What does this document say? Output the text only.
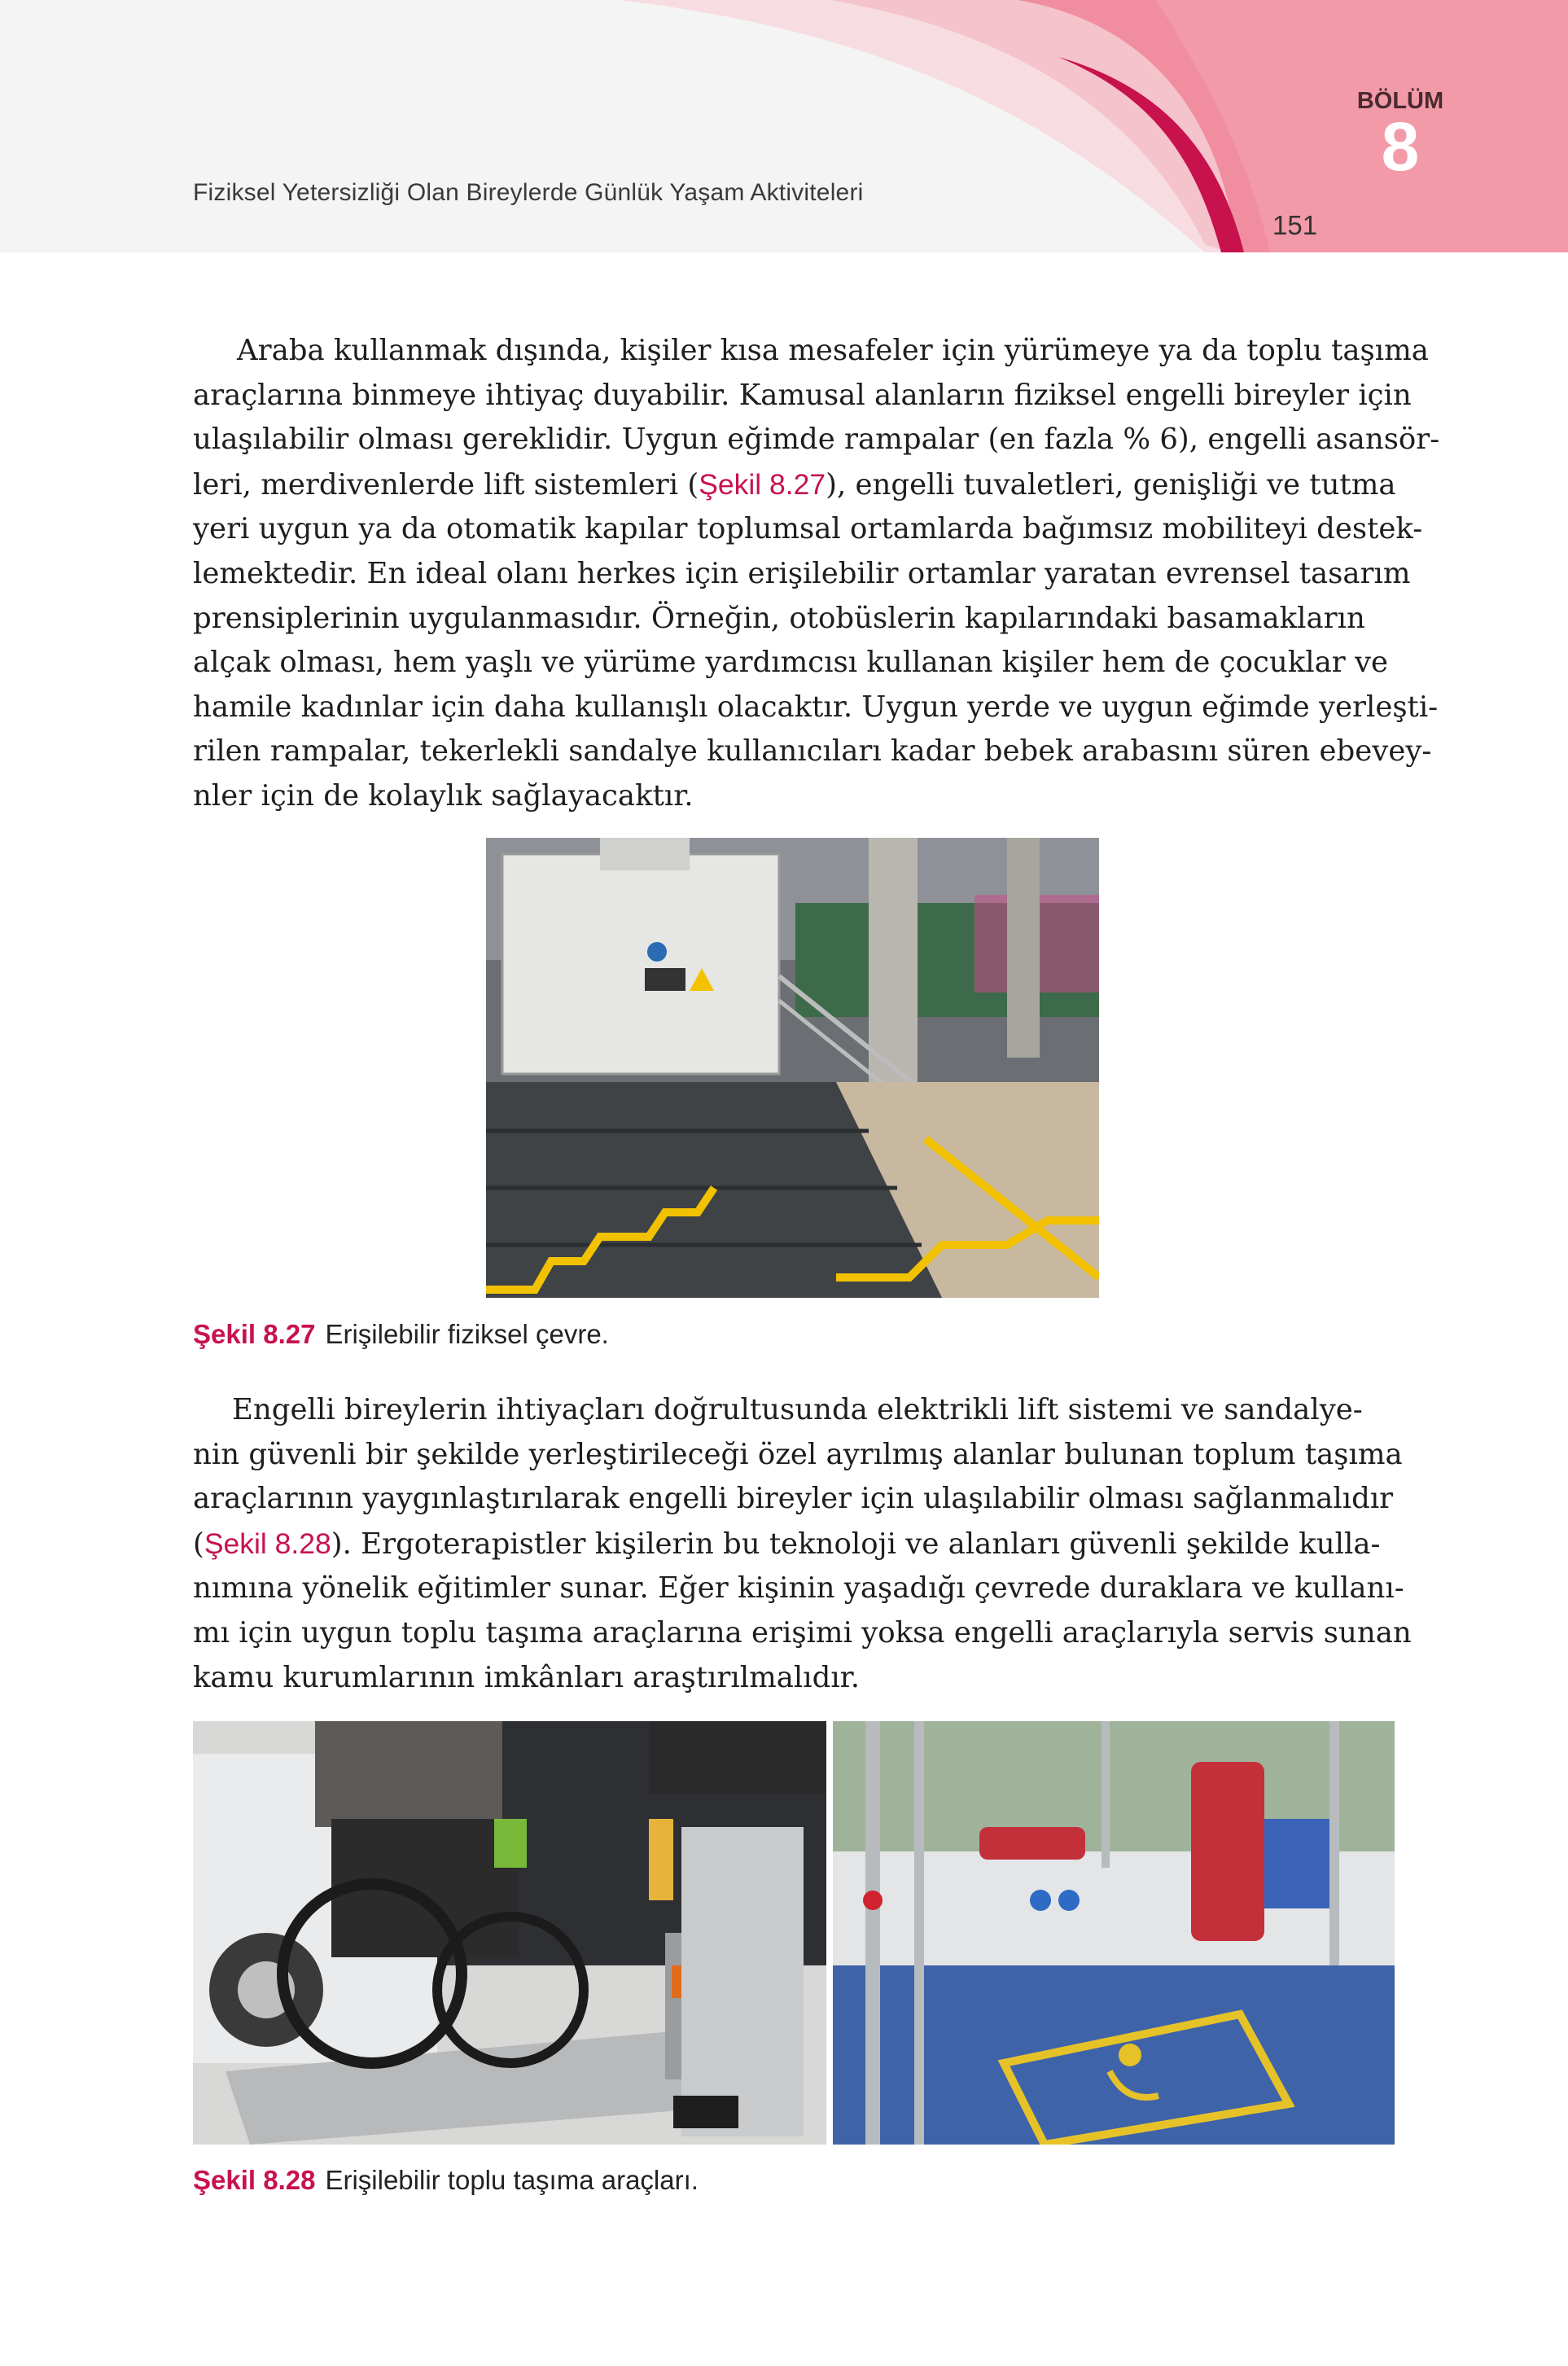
Fiziksel Yetersizliği Olan Bireylerde Günlük Yaşam Aktiviteleri
151
BÖLÜM
8
Araba kullanmak dışında, kişiler kısa mesafeler için yürümeye ya da toplu taşıma
araçlarına binmeye ihtiyaç duyabilir. Kamusal alanların fiziksel engelli bireyler için
ulaşılabilir olması gereklidir. Uygun eğimde rampalar (en fazla % 6), engelli asansör-
leri, merdivenlerde lift sistemleri (Şekil 8.27), engelli tuvaletleri, genişliği ve tutma
yeri uygun ya da otomatik kapılar toplumsal ortamlarda bağımsız mobiliteyi destek-
lemektedir. En ideal olanı herkes için erişilebilir ortamlar yaratan evrensel tasarım
prensiplerinin uygulanmasıdır. Örneğin, otobüslerin kapılarındaki basamakların
alçak olması, hem yaşlı ve yürüme yardımcısı kullanan kişiler hem de çocuklar ve
hamile kadınlar için daha kullanışlı olacaktır. Uygun yerde ve uygun eğimde yerleşti-
rilen rampalar, tekerlekli sandalye kullanıcıları kadar bebek arabasını süren ebevey-
nler için de kolaylık sağlayacaktır.
Şekil 8.27 Erişilebilir fiziksel çevre.
Engelli bireylerin ihtiyaçları doğrultusunda elektrikli lift sistemi ve sandalye-
nin güvenli bir şekilde yerleştirileceği özel ayrılmış alanlar bulunan toplum taşıma
araçlarının yaygınlaştırılarak engelli bireyler için ulaşılabilir olması sağlanmalıdır
(Şekil 8.28). Ergoterapistler kişilerin bu teknoloji ve alanları güvenli şekilde kulla-
nımına yönelik eğitimler sunar. Eğer kişinin yaşadığı çevrede duraklara ve kullanı-
mı için uygun toplu taşıma araçlarına erişimi yoksa engelli araçlarıyla servis sunan
kamu kurumlarının imkânları araştırılmalıdır.
Şekil 8.28 Erişilebilir toplu taşıma araçları.
